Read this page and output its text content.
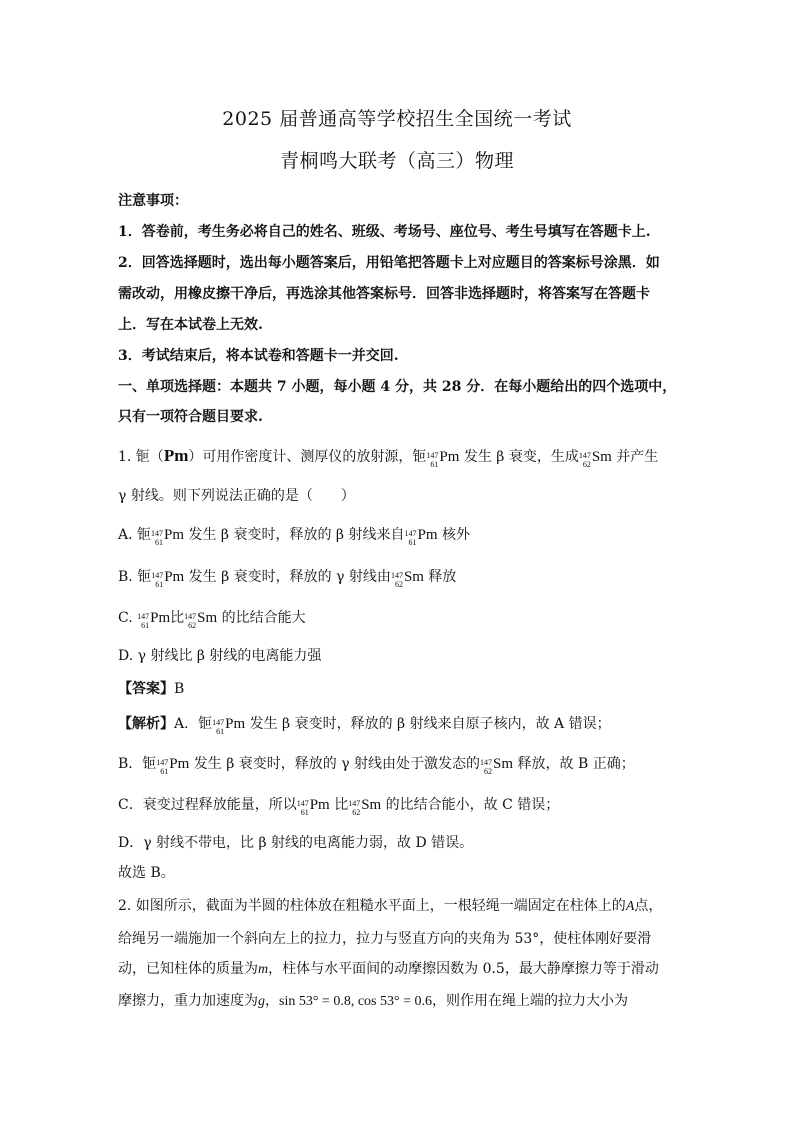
2025 届普通高等学校招生全国统一考试
青桐鸣大联考（高三）物理
注意事项：
1．答卷前，考生务必将自己的姓名、班级、考场号、座位号、考生号填写在答题卡上.
2．回答选择题时，选出每小题答案后，用铅笔把答题卡上对应题目的答案标号涂黑．如
需改动，用橡皮擦干净后，再选涂其他答案标号．回答非选择题时，将答案写在答题卡
上．写在本试卷上无效.
3．考试结束后，将本试卷和答题卡一并交回.
一、单项选择题：本题共 7 小题，每小题 4 分，共 28 分．在每小题给出的四个选项中，
只有一项符合题目要求.
1. 钷（Pm）可用作密度计、测厚仪的放射源，钷 147
61 Pm 发生 β 衰变，生成 147
62 Sm 并产生
γ 射线。则下列说法正确的是（　　）
A. 钷 147
61 Pm 发生 β 衰变时，释放的 β 射线来自 147
61 Pm 核外
B. 钷 147
61 Pm 发生 β 衰变时，释放的 γ 射线由 147
62 Sm 释放
C. 147
61 Pm比 147
62 Sm 的比结合能大
D. γ 射线比 β 射线的电离能力强
【答案】B
【解析】A．钷 147
61 Pm 发生 β 衰变时，释放的 β 射线来自原子核内，故 A 错误；
B．钷 147
61 Pm 发生 β 衰变时，释放的 γ 射线由处于激发态的 147
62 Sm 释放，故 B 正确；
C．衰变过程释放能量，所以 147
61 Pm 比 147
62 Sm 的比结合能小，故 C 错误；
D．γ 射线不带电，比 β 射线的电离能力弱，故 D 错误。
故选 B。
2. 如图所示，截面为半圆的柱体放在粗糙水平面上，一根轻绳一端固定在柱体上的A点，
给绳另一端施加一个斜向左上的拉力，拉力与竖直方向的夹角为 53°，使柱体刚好要滑
动，已知柱体的质量为m，柱体与水平面间的动摩擦因数为 0.5，最大静摩擦力等于滑动
摩擦力，重力加速度为g，sin 53° = 0.8, cos 53° = 0.6，则作用在绳上端的拉力大小为
